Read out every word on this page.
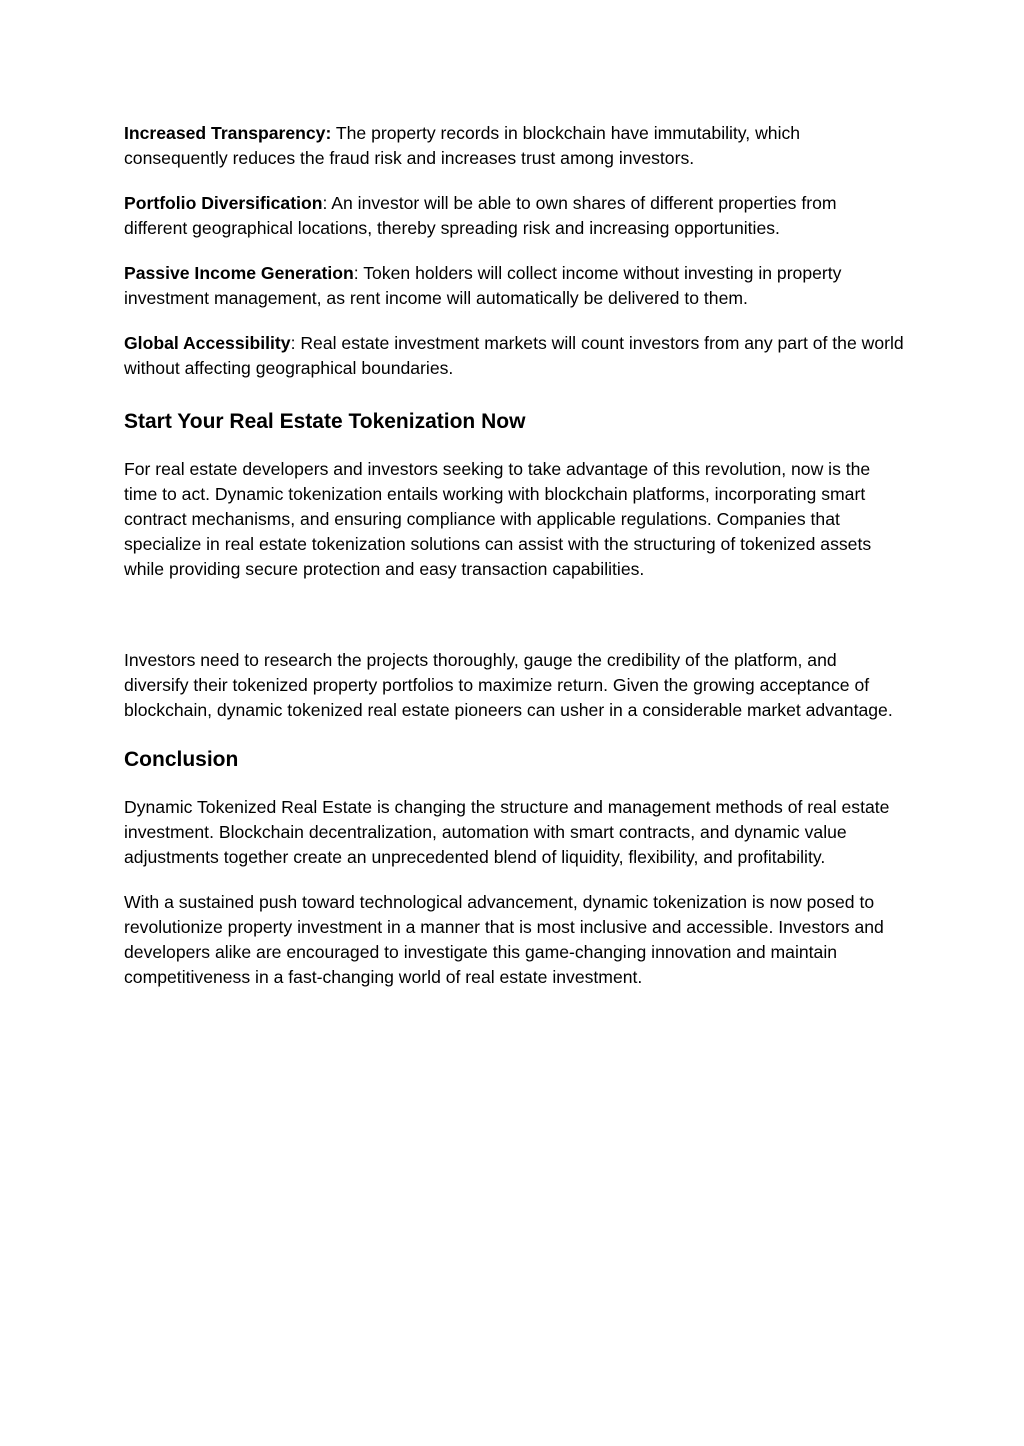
Increased Transparency: The property records in blockchain have immutability, which consequently reduces the fraud risk and increases trust among investors.

Portfolio Diversification: An investor will be able to own shares of different properties from different geographical locations, thereby spreading risk and increasing opportunities.

Passive Income Generation: Token holders will collect income without investing in property investment management, as rent income will automatically be delivered to them.

Global Accessibility: Real estate investment markets will count investors from any part of the world without affecting geographical boundaries.

Start Your Real Estate Tokenization Now

For real estate developers and investors seeking to take advantage of this revolution, now is the time to act. Dynamic tokenization entails working with blockchain platforms, incorporating smart contract mechanisms, and ensuring compliance with applicable regulations. Companies that specialize in real estate tokenization solutions can assist with the structuring of tokenized assets while providing secure protection and easy transaction capabilities.

Investors need to research the projects thoroughly, gauge the credibility of the platform, and diversify their tokenized property portfolios to maximize return. Given the growing acceptance of blockchain, dynamic tokenized real estate pioneers can usher in a considerable market advantage.

Conclusion

Dynamic Tokenized Real Estate is changing the structure and management methods of real estate investment. Blockchain decentralization, automation with smart contracts, and dynamic value adjustments together create an unprecedented blend of liquidity, flexibility, and profitability.

With a sustained push toward technological advancement, dynamic tokenization is now posed to revolutionize property investment in a manner that is most inclusive and accessible. Investors and developers alike are encouraged to investigate this game-changing innovation and maintain competitiveness in a fast-changing world of real estate investment.
